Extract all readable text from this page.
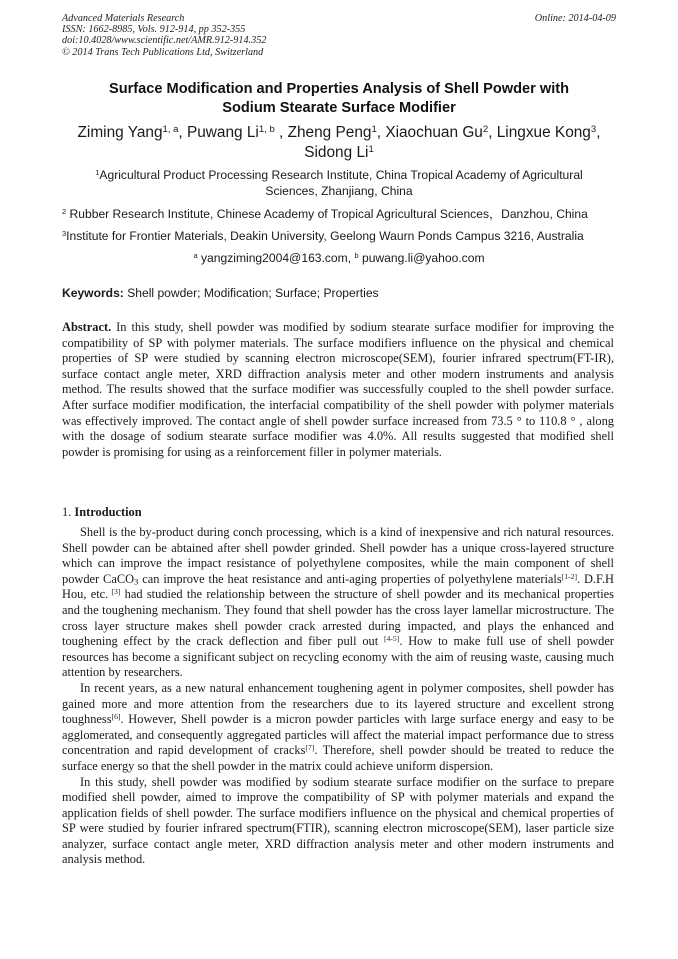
Advanced Materials Research
ISSN: 1662-8985, Vols. 912-914, pp 352-355
doi:10.4028/www.scientific.net/AMR.912-914.352
© 2014 Trans Tech Publications Ltd, Switzerland
Online: 2014-04-09
Surface Modification and Properties Analysis of Shell Powder with
Sodium Stearate Surface Modifier
Ziming Yang$^{1, a}$, Puwang Li$^{1, b}$ , Zheng Peng$^1$, Xiaochuan Gu$^2$, Lingxue Kong$^3$,
Sidong Li$^1$
$^1$Agricultural Product Processing Research Institute, China Tropical Academy of Agricultural
Sciences, Zhanjiang, China
$^2$ Rubber Research Institute, Chinese Academy of Tropical Agricultural Sciences，Danzhou, China
$^3$Institute for Frontier Materials, Deakin University, Geelong Waurn Ponds Campus 3216, Australia
$^a$ yangziming2004@163.com, $^b$ puwang.li@yahoo.com
Keywords: Shell powder; Modification; Surface; Properties
Abstract. In this study, shell powder was modified by sodium stearate surface modifier for improving the compatibility of SP with polymer materials. The surface modifiers influence on the physical and chemical properties of SP were studied by scanning electron microscope(SEM), fourier infrared spectrum(FT-IR), surface contact angle meter, XRD diffraction analysis meter and other modern instruments and analysis method. The results showed that the surface modifier was successfully coupled to the shell powder surface. After surface modifier modification, the interfacial compatibility of the shell powder with polymer materials was effectively improved. The contact angle of shell powder surface increased from 73.5 ° to 110.8 ° , along with the dosage of sodium stearate surface modifier was 4.0%. All results suggested that modified shell powder is promising for using as a reinforcement filler in polymer materials.
1. Introduction

Shell is the by-product during conch processing, which is a kind of inexpensive and rich natural resources. Shell powder can be abtained after shell powder grinded. Shell powder has a unique cross-layered structure which can improve the impact resistance of polyethylene composites, while the main component of shell powder CaCO$_3$ can improve the heat resistance and anti-aging properties of polyethylene materials[1-2]. D.F.H Hou, etc. [3] had studied the relationship between the structure of shell powder and its mechanical properties and the toughening mechanism. They found that shell powder has the cross layer lamellar microstructure. The cross layer structure makes shell powder crack arrested during impacted, and plays the enhanced and toughening effect by the crack deflection and fiber pull out [4-5]. How to make full use of shell powder resources has become a significant subject on recycling economy with the aim of reusing waste, causing much attention by researchers.

In recent years, as a new natural enhancement toughening agent in polymer composites, shell powder has gained more and more attention from the researchers due to its layered structure and excellent strong toughness[6]. However, Shell powder is a micron powder particles with large surface energy and easy to be agglomerated, and consequently aggregated particles will affect the material impact performance due to stress concentration and rapid development of cracks[7]. Therefore, shell powder should be treated to reduce the surface energy so that the shell powder in the matrix could achieve uniform dispersion.

In this study, shell powder was modified by sodium stearate surface modifier on the surface to prepare modified shell powder, aimed to improve the compatibility of SP with polymer materials and expand the application fields of shell powder. The surface modifiers influence on the physical and chemical properties of SP were studied by fourier infrared spectrum(FTIR), scanning electron microscope(SEM), laser particle size analyzer, surface contact angle meter, XRD diffraction analysis meter and other modern instruments and analysis method.
